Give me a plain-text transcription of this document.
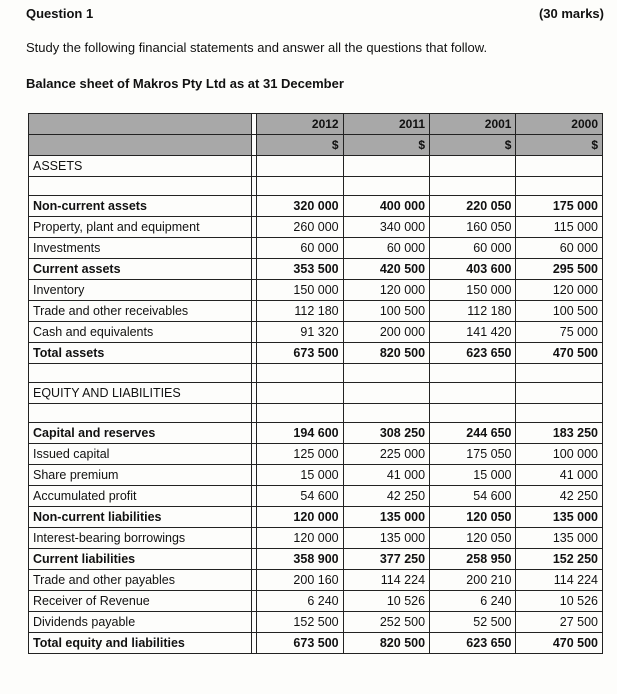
Question 1	(30 marks)
Study the following financial statements and answer all the questions that follow.
Balance sheet of Makros Pty Ltd as at 31 December
		2012	2011	2001	2000
		$	$	$	$
ASSETS					

Non-current assets		320 000	400 000	220 050	175 000
Property, plant and equipment		260 000	340 000	160 050	115 000
Investments		60 000	60 000	60 000	60 000
Current assets		353 500	420 500	403 600	295 500
Inventory		150 000	120 000	150 000	120 000
Trade and other receivables		112 180	100 500	112 180	100 500
Cash and equivalents		91 320	200 000	141 420	75 000
Total assets		673 500	820 500	623 650	470 500

EQUITY AND LIABILITIES					

Capital and reserves		194 600	308 250	244 650	183 250
Issued capital		125 000	225 000	175 050	100 000
Share premium		15 000	41 000	15 000	41 000
Accumulated profit		54 600	42 250	54 600	42 250
Non-current liabilities		120 000	135 000	120 050	135 000
Interest-bearing borrowings		120 000	135 000	120 050	135 000
Current liabilities		358 900	377 250	258 950	152 250
Trade and other payables		200 160	114 224	200 210	114 224
Receiver of Revenue		6 240	10 526	6 240	10 526
Dividends payable		152 500	252 500	52 500	27 500
Total equity and liabilities		673 500	820 500	623 650	470 500
